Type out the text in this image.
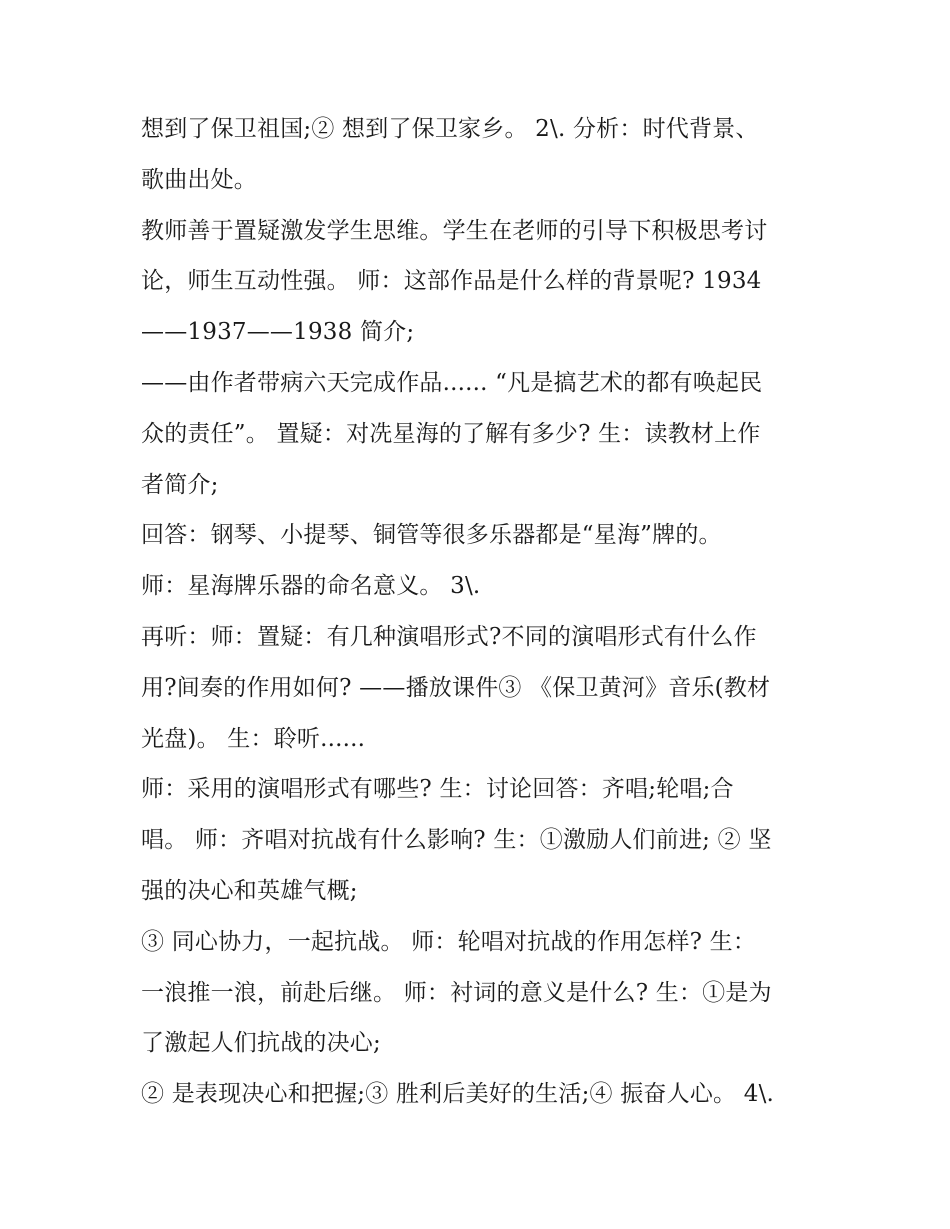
想到了保卫祖国;② 想到了保卫家乡。 2\. 分析：时代背景、
歌曲出处。
教师善于置疑激发学生思维。学生在老师的引导下积极思考讨
论，师生互动性强。 师：这部作品是什么样的背景呢? 1934
——1937——1938 简介;
——由作者带病六天完成作品...... “凡是搞艺术的都有唤起民
众的责任”。 置疑：对冼星海的了解有多少? 生：读教材上作
者简介;
回答：钢琴、小提琴、铜管等很多乐器都是“星海”牌的。
师：星海牌乐器的命名意义。 3\.
再听：师：置疑：有几种演唱形式?不同的演唱形式有什么作
用?间奏的作用如何? ——播放课件③ 《保卫黄河》音乐(教材
光盘)。 生：聆听......
师：采用的演唱形式有哪些? 生：讨论回答：齐唱;轮唱;合
唱。 师：齐唱对抗战有什么影响? 生：①激励人们前进; ② 坚
强的决心和英雄气概;
③ 同心协力，一起抗战。 师：轮唱对抗战的作用怎样? 生：
一浪推一浪，前赴后继。 师：衬词的意义是什么? 生：①是为
了激起人们抗战的决心;
② 是表现决心和把握;③ 胜利后美好的生活;④ 振奋人心。 4\.
